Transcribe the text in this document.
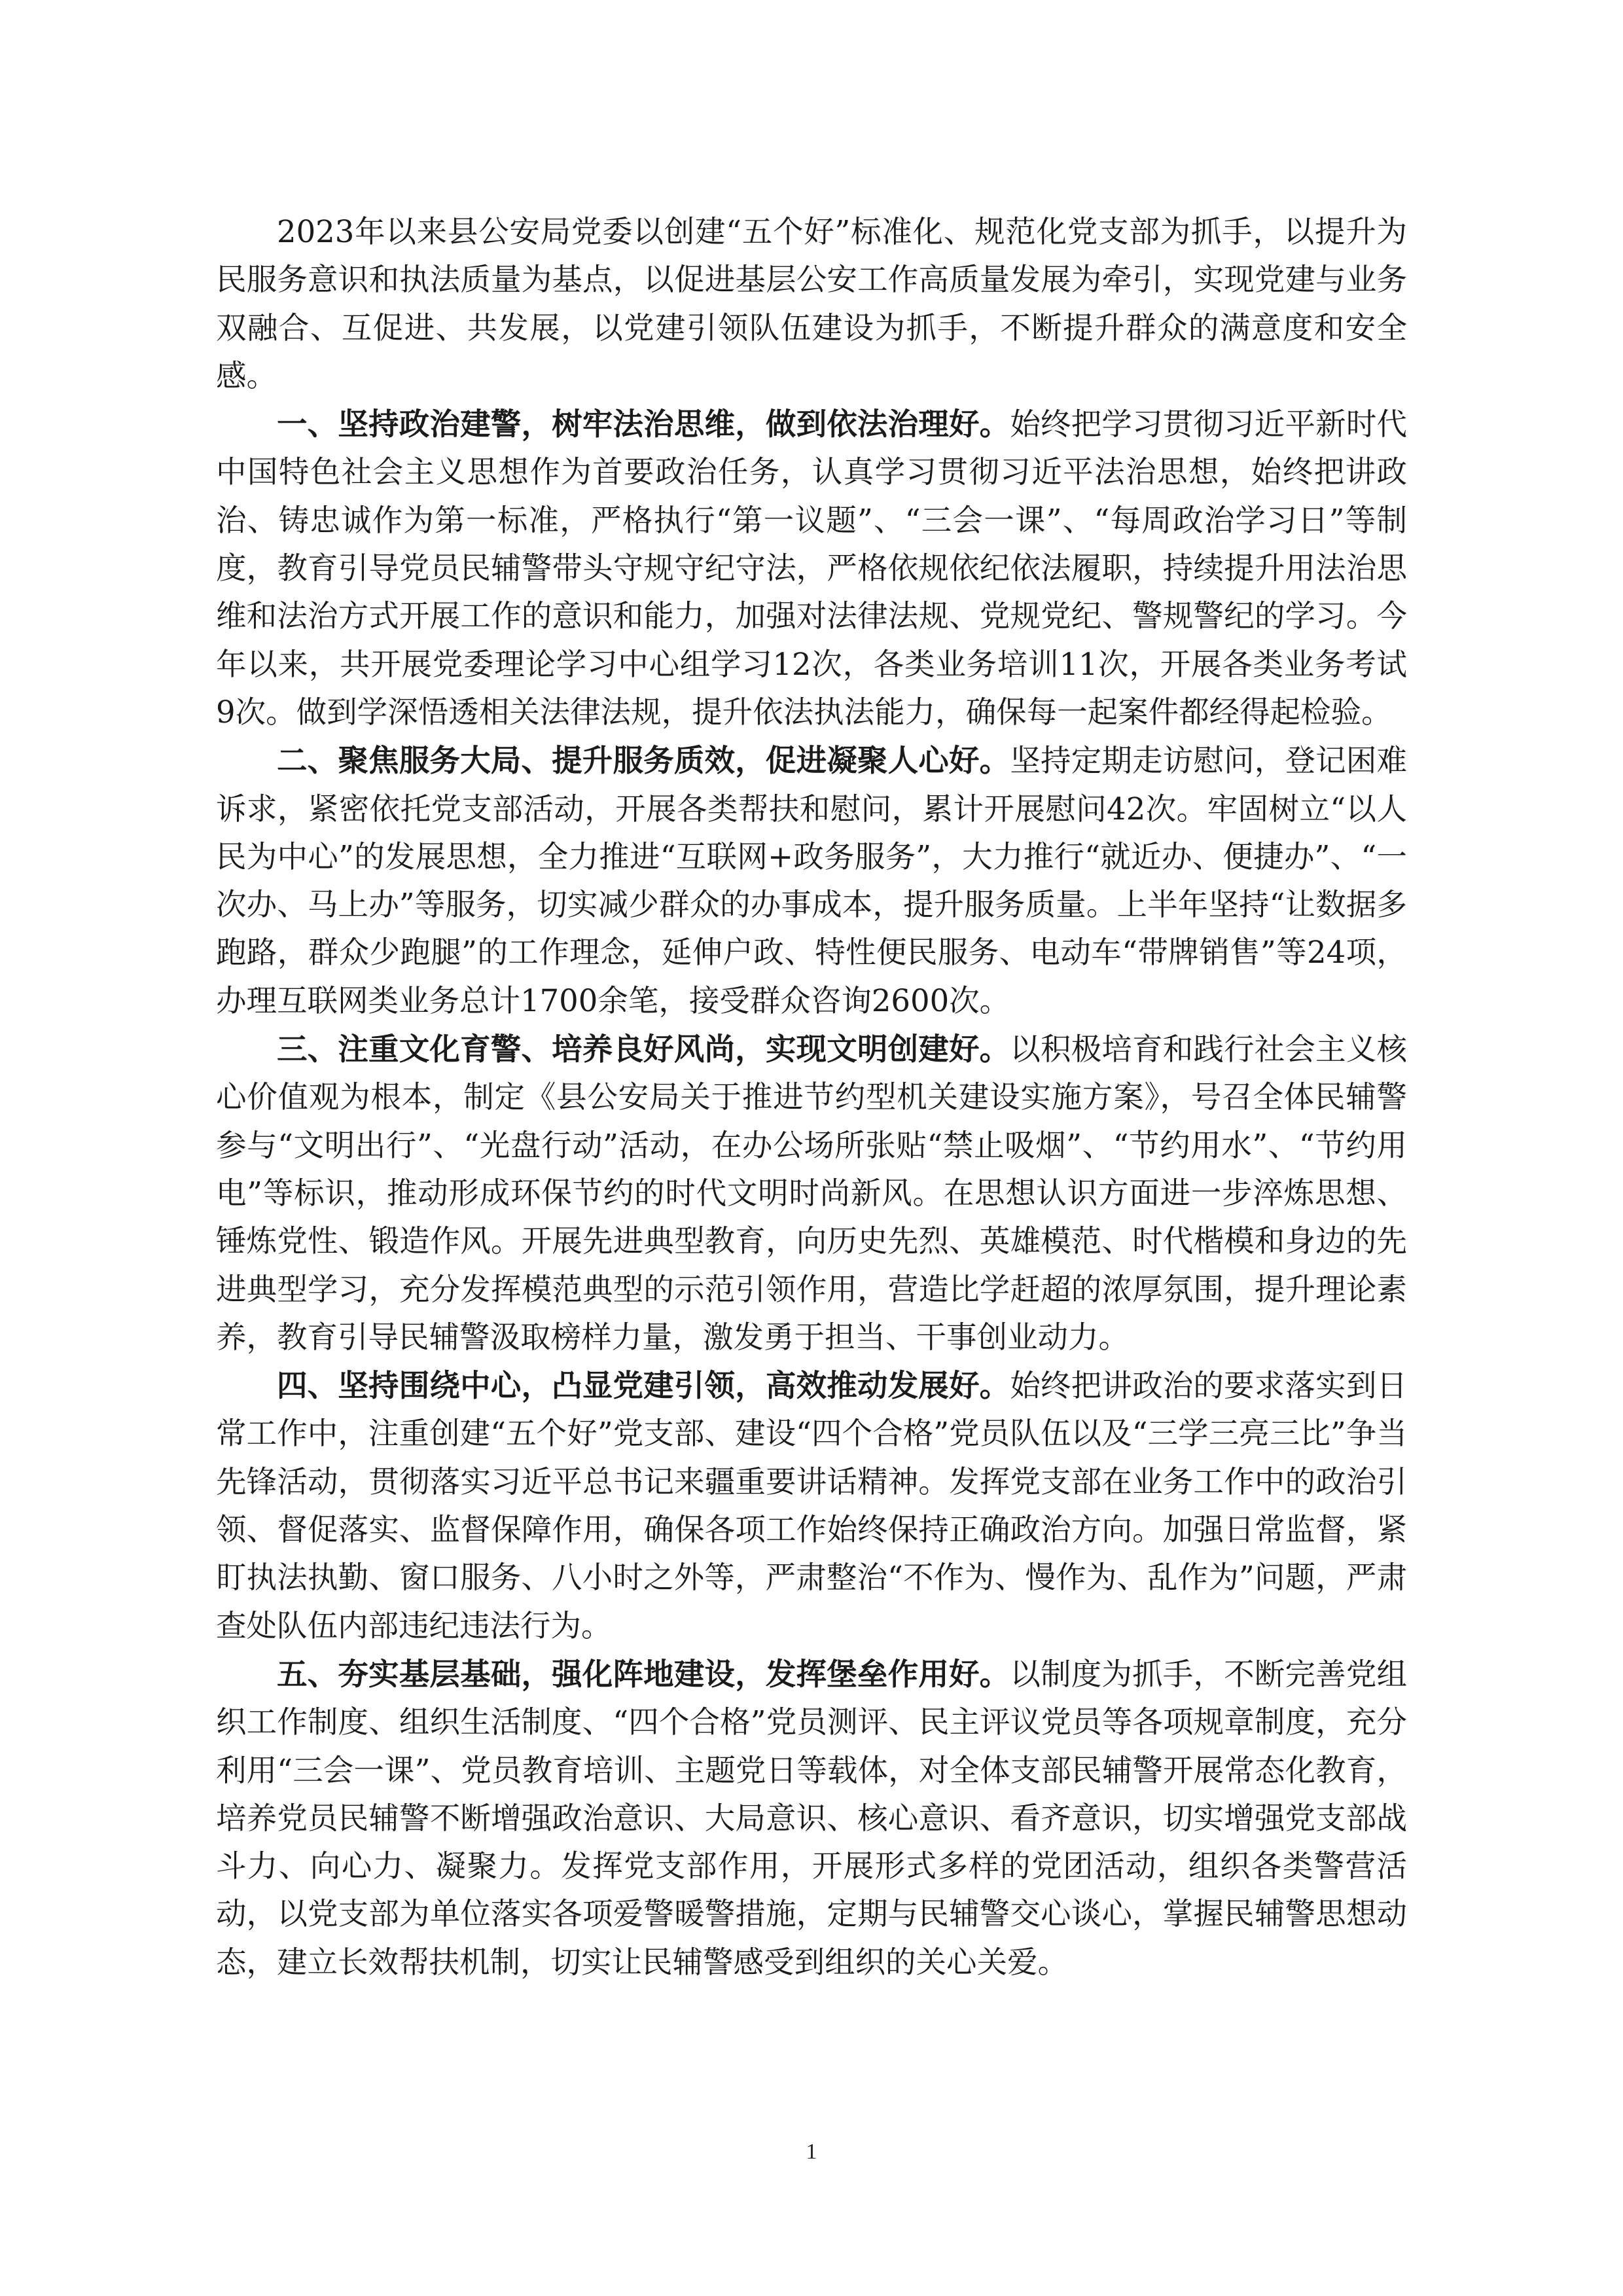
2023年以来县公安局党委以创建“五个好”标准化、规范化党支部为抓手，以提升为民服务意识和执法质量为基点，以促进基层公安工作高质量发展为牵引，实现党建与业务双融合、互促进、共发展，以党建引领队伍建设为抓手，不断提升群众的满意度和安全感。

一、坚持政治建警，树牢法治思维，做到依法治理好。始终把学习贯彻习近平新时代中国特色社会主义思想作为首要政治任务，认真学习贯彻习近平法治思想，始终把讲政治、铸忠诚作为第一标准，严格执行“第一议题”、“三会一课”、“每周政治学习日”等制度，教育引导党员民辅警带头守规守纪守法，严格依规依纪依法履职，持续提升用法治思维和法治方式开展工作的意识和能力，加强对法律法规、党规党纪、警规警纪的学习。今年以来，共开展党委理论学习中心组学习12次，各类业务培训11次，开展各类业务考试9次。做到学深悟透相关法律法规，提升依法执法能力，确保每一起案件都经得起检验。

二、聚焦服务大局、提升服务质效，促进凝聚人心好。坚持定期走访慰问，登记困难诉求，紧密依托党支部活动，开展各类帮扶和慰问，累计开展慰问42次。牢固树立“以人民为中心”的发展思想，全力推进“互联网+政务服务”，大力推行“就近办、便捷办”、“一次办、马上办”等服务，切实减少群众的办事成本，提升服务质量。上半年坚持“让数据多跑路，群众少跑腿”的工作理念，延伸户政、特性便民服务、电动车“带牌销售”等24项，办理互联网类业务总计1700余笔，接受群众咨询2600次。

三、注重文化育警、培养良好风尚，实现文明创建好。以积极培育和践行社会主义核心价值观为根本，制定《县公安局关于推进节约型机关建设实施方案》，号召全体民辅警参与“文明出行”、“光盘行动”活动，在办公场所张贴“禁止吸烟”、“节约用水”、“节约用电”等标识，推动形成环保节约的时代文明时尚新风。在思想认识方面进一步淬炼思想、锤炼党性、锻造作风。开展先进典型教育，向历史先烈、英雄模范、时代楷模和身边的先进典型学习，充分发挥模范典型的示范引领作用，营造比学赶超的浓厚氛围，提升理论素养，教育引导民辅警汲取榜样力量，激发勇于担当、干事创业动力。

四、坚持围绕中心，凸显党建引领，高效推动发展好。始终把讲政治的要求落实到日常工作中，注重创建“五个好”党支部、建设“四个合格”党员队伍以及“三学三亮三比”争当先锋活动，贯彻落实习近平总书记来疆重要讲话精神。发挥党支部在业务工作中的政治引领、督促落实、监督保障作用，确保各项工作始终保持正确政治方向。加强日常监督，紧盯执法执勤、窗口服务、八小时之外等，严肃整治“不作为、慢作为、乱作为”问题，严肃查处队伍内部违纪违法行为。

五、夯实基层基础，强化阵地建设，发挥堡垒作用好。以制度为抓手，不断完善党组织工作制度、组织生活制度、“四个合格”党员测评、民主评议党员等各项规章制度，充分利用“三会一课”、党员教育培训、主题党日等载体，对全体支部民辅警开展常态化教育，培养党员民辅警不断增强政治意识、大局意识、核心意识、看齐意识，切实增强党支部战斗力、向心力、凝聚力。发挥党支部作用，开展形式多样的党团活动，组织各类警营活动，以党支部为单位落实各项爱警暖警措施，定期与民辅警交心谈心，掌握民辅警思想动态，建立长效帮扶机制，切实让民辅警感受到组织的关心关爱。

1
